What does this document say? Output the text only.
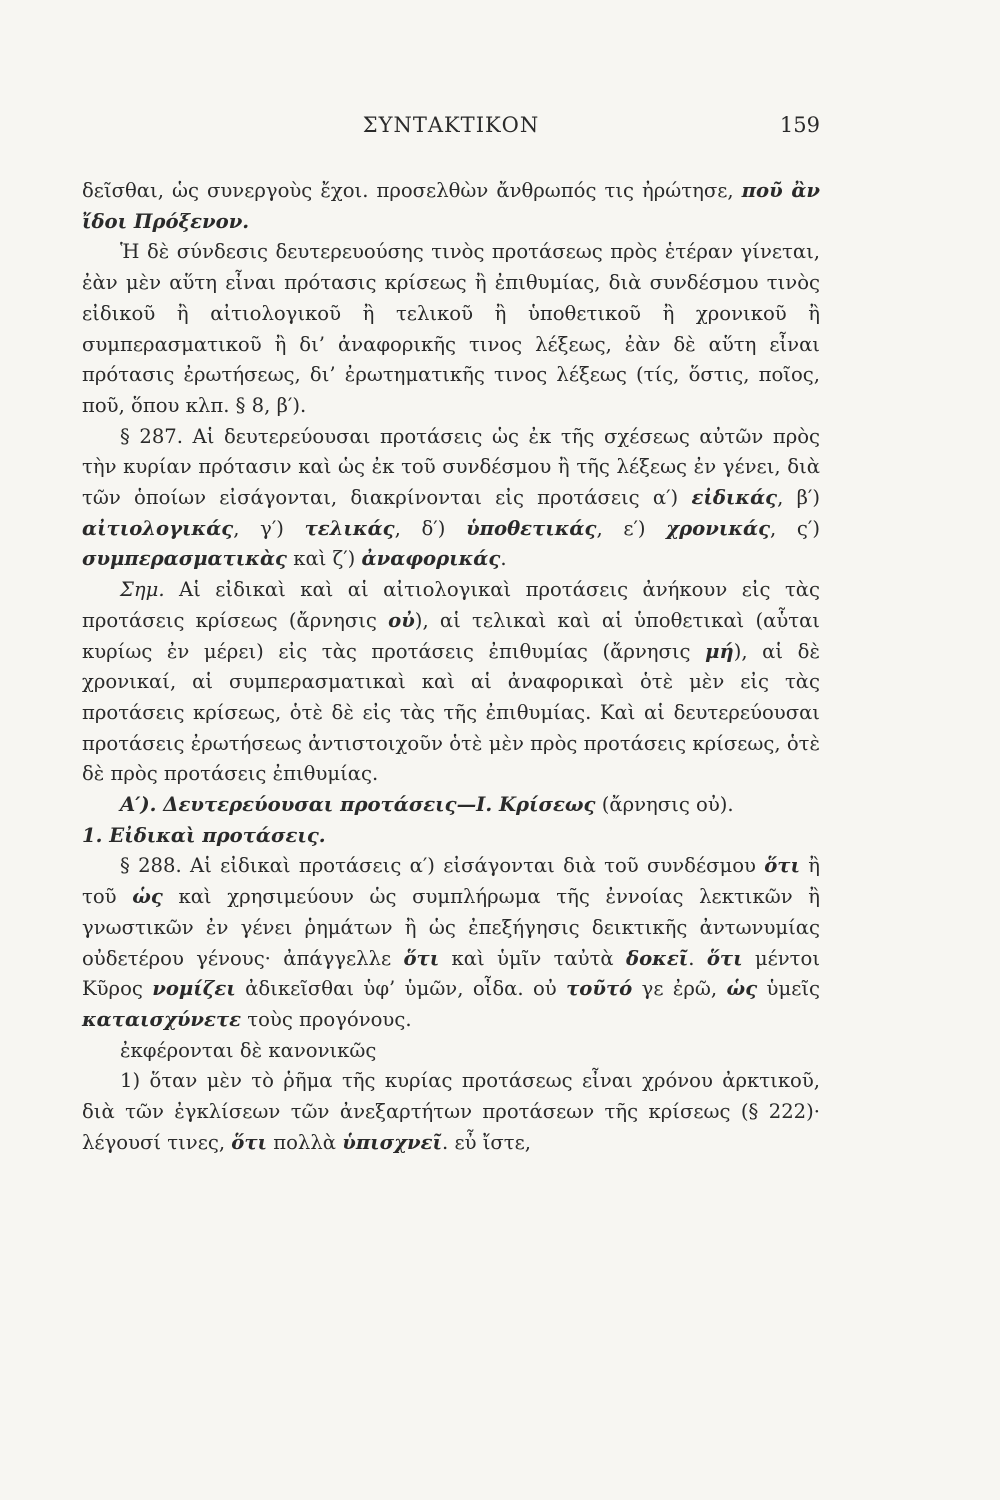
ΣΥΝΤΑΚΤΙΚΟΝ	159

δεῖσθαι, ὡς συνεργοὺς ἔχοι. προσελθὼν ἄνθρωπός τις ἠρώτησε, ποῦ ἂν ἴδοι Πρόξενον.

Ἡ δὲ σύνδεσις δευτερευούσης τινὸς προτάσεως πρὸς ἑτέραν γίνεται, ἐὰν μὲν αὕτη εἶναι πρότασις κρίσεως ἢ ἐπιθυμίας, διὰ συνδέσμου τινὸς εἰδικοῦ ἢ αἰτιολογικοῦ ἢ τελικοῦ ἢ ὑποθετικοῦ ἢ χρονικοῦ ἢ συμπερασματικοῦ ἢ δι’ ἀναφορικῆς τινος λέξεως, ἐὰν δὲ αὕτη εἶναι πρότασις ἐρωτήσεως, δι’ ἐρωτηματικῆς τινος λέξεως (τίς, ὅστις, ποῖος, ποῦ, ὅπου κλπ. § 8, β′).

§ 287. Αἱ δευτερεύουσαι προτάσεις ὡς ἐκ τῆς σχέσεως αὐτῶν πρὸς τὴν κυρίαν πρότασιν καὶ ὡς ἐκ τοῦ συνδέσμου ἢ τῆς λέξεως ἐν γένει, διὰ τῶν ὁποίων εἰσάγονται, διακρίνονται εἰς προτάσεις α′) εἰδικάς, β′) αἰτιολογικάς, γ′) τελικάς, δ′) ὑποθετικάς, ε′) χρονικάς, ς′) συμπερασματικὰς καὶ ζ′) ἀναφορικάς.

Σημ. Αἱ εἰδικαὶ καὶ αἱ αἰτιολογικαὶ προτάσεις ἀνήκουν εἰς τὰς προτάσεις κρίσεως (ἄρνησις οὐ), αἱ τελικαὶ καὶ αἱ ὑποθετικαὶ (αὗται κυρίως ἐν μέρει) εἰς τὰς προτάσεις ἐπιθυμίας (ἄρνησις μή), αἱ δὲ χρονικαί, αἱ συμπερασματικαὶ καὶ αἱ ἀναφορικαὶ ὁτὲ μὲν εἰς τὰς προτάσεις κρίσεως, ὁτὲ δὲ εἰς τὰς τῆς ἐπιθυμίας. Καὶ αἱ δευτερεύουσαι προτάσεις ἐρωτήσεως ἀντιστοιχοῦν ὁτὲ μὲν πρὸς προτάσεις κρίσεως, ὁτὲ δὲ πρὸς προτάσεις ἐπιθυμίας.

Α′). Δευτερεύουσαι προτάσεις—Ι. Κρίσεως (ἄρνησις οὐ).

1. Εἰδικαὶ προτάσεις.

§ 288. Αἱ εἰδικαὶ προτάσεις α′) εἰσάγονται διὰ τοῦ συνδέσμου ὅτι ἢ τοῦ ὡς καὶ χρησιμεύουν ὡς συμπλήρωμα τῆς ἐννοίας λεκτικῶν ἢ γνωστικῶν ἐν γένει ῥημάτων ἢ ὡς ἐπεξήγησις δεικτικῆς ἀντωνυμίας οὐδετέρου γένους· ἀπάγγελλε ὅτι καὶ ὑμῖν ταὐτὰ δοκεῖ. ὅτι μέντοι Κῦρος νομίζει ἀδικεῖσθαι ὑφ’ ὑμῶν, οἶδα. οὐ τοῦτό γε ἐρῶ, ὡς ὑμεῖς καταισχύνετε τοὺς προγόνους.

ἐκφέρονται δὲ κανονικῶς

1) ὅταν μὲν τὸ ῥῆμα τῆς κυρίας προτάσεως εἶναι χρόνου ἀρκτικοῦ, διὰ τῶν ἐγκλίσεων τῶν ἀνεξαρτήτων προτάσεων τῆς κρίσεως (§ 222)· λέγουσί τινες, ὅτι πολλὰ ὑπισχνεῖ. εὖ ἴστε,
